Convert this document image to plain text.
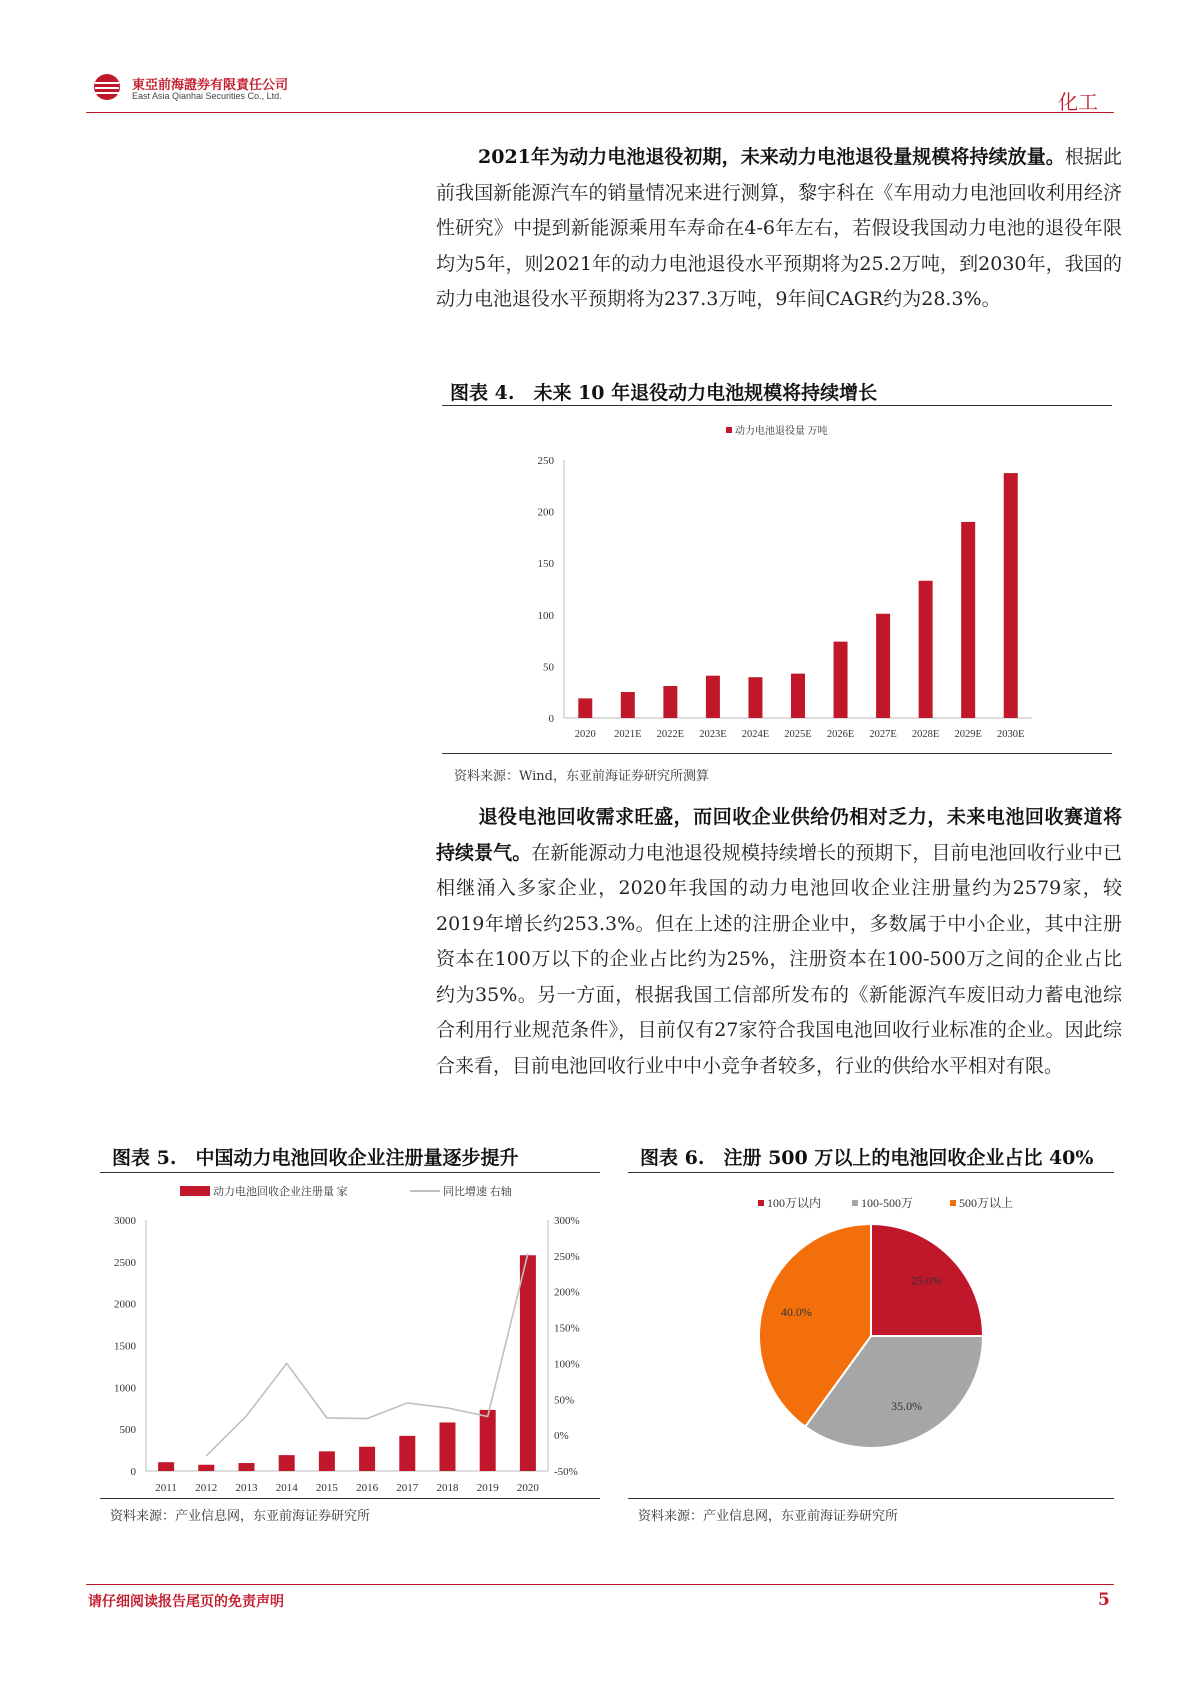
東亞前海證券有限責任公司
East Asia Qianhai Securities Co., Ltd.	化工
2021年为动力电池退役初期，未来动力电池退役量规模将持续放量。根据此前我国新能源汽车的销量情况来进行测算，黎宇科在《车用动力电池回收利用经济性研究》中提到新能源乘用车寿命在4-6年左右，若假设我国动力电池的退役年限均为5年，则2021年的动力电池退役水平预期将为25.2万吨，到2030年，我国的动力电池退役水平预期将为237.3万吨，9年间CAGR约为28.3%。
图表 4.　未来 10 年退役动力电池规模将持续增长
动力电池退役量 万吨
0
50
100
150
200
250
2020 2021E 2022E 2023E 2024E 2025E 2026E 2027E 2028E 2029E 2030E
资料来源：Wind，东亚前海证券研究所测算
退役电池回收需求旺盛，而回收企业供给仍相对乏力，未来电池回收赛道将持续景气。在新能源动力电池退役规模持续增长的预期下，目前电池回收行业中已相继涌入多家企业，2020年我国的动力电池回收企业注册量约为2579家，较2019年增长约253.3%。但在上述的注册企业中，多数属于中小企业，其中注册资本在100万以下的企业占比约为25%，注册资本在100-500万之间的企业占比约为35%。另一方面，根据我国工信部所发布的《新能源汽车废旧动力蓄电池综合利用行业规范条件》，目前仅有27家符合我国电池回收行业标准的企业。因此综合来看，目前电池回收行业中中小竞争者较多，行业的供给水平相对有限。
图表 5.　中国动力电池回收企业注册量逐步提升
动力电池回收企业注册量 家	同比增速 右轴
0
500
1000
1500
2000
2500
3000
-50%
0%
50%
100%
150%
200%
250%
300%
2011 2012 2013 2014 2015 2016 2017 2018 2019 2020
资料来源：产业信息网，东亚前海证券研究所
图表 6.　注册 500 万以上的电池回收企业占比 40%
100万以内	100-500万	500万以上
25.0%
35.0%
40.0%
资料来源：产业信息网，东亚前海证券研究所
请仔细阅读报告尾页的免责声明	5
